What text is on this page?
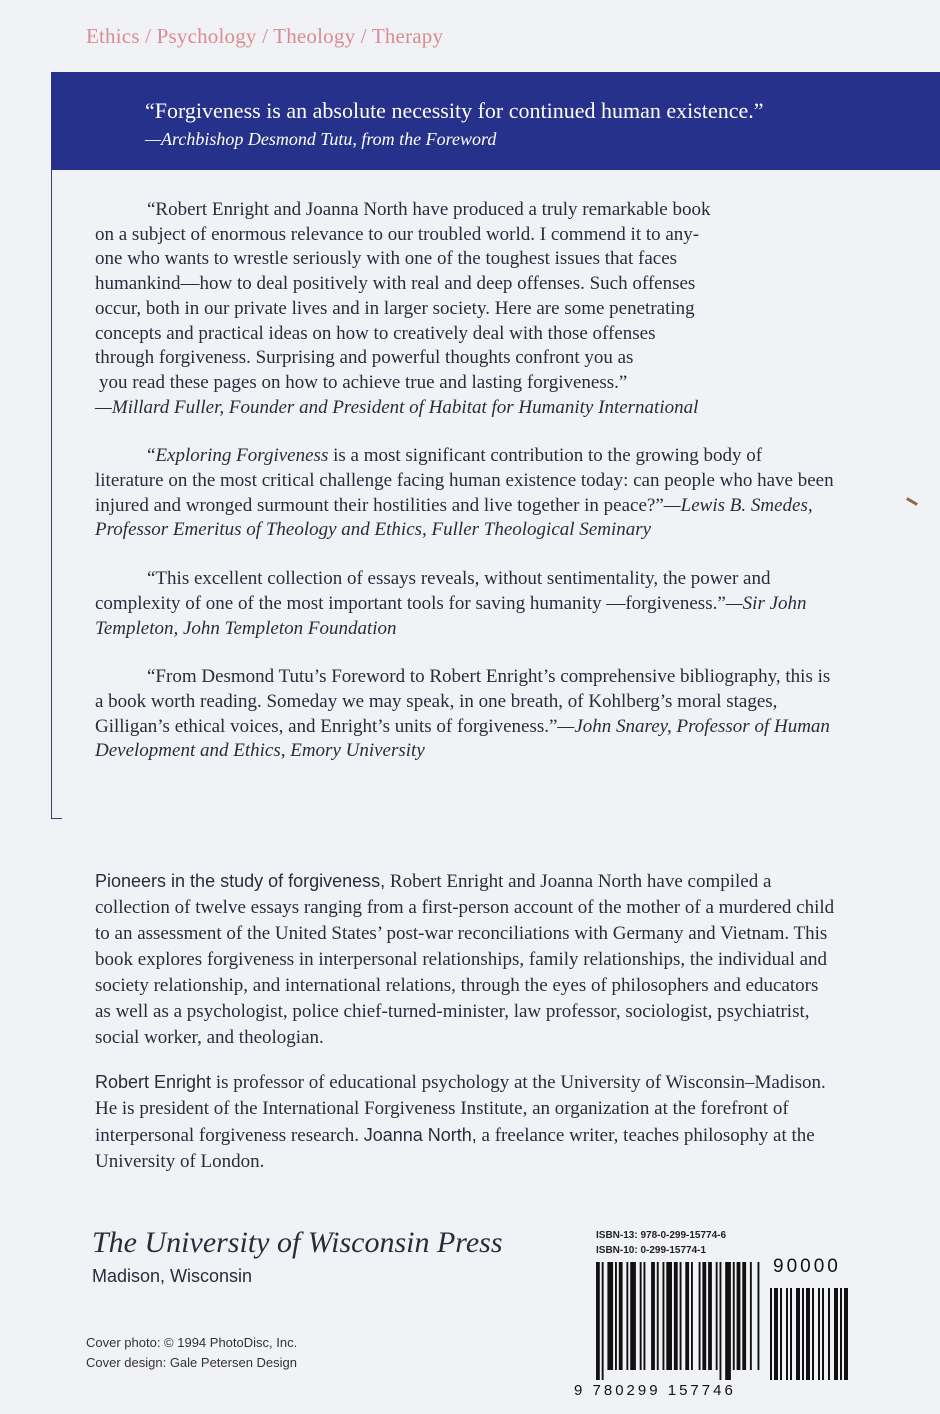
Ethics / Psychology / Theology / Therapy
“Forgiveness is an absolute necessity for continued human existence.”
—Archbishop Desmond Tutu, from the Foreword

“Robert Enright and Joanna North have produced a truly remarkable book
on a subject of enormous relevance to our troubled world. I commend it to any-
one who wants to wrestle seriously with one of the toughest issues that faces
humankind—how to deal positively with real and deep offenses. Such offenses
occur, both in our private lives and in larger society. Here are some penetrating
concepts and practical ideas on how to creatively deal with those offenses
through forgiveness. Surprising and powerful thoughts confront you as
you read these pages on how to achieve true and lasting forgiveness.”
—Millard Fuller, Founder and President of Habitat for Humanity International

“Exploring Forgiveness is a most significant contribution to the growing body of literature on the most critical challenge facing human existence today: can people who have been injured and wronged surmount their hostilities and live together in peace?”—Lewis B. Smedes, Professor Emeritus of Theology and Ethics, Fuller Theological Seminary

“This excellent collection of essays reveals, without sentimentality, the power and complexity of one of the most important tools for saving humanity —forgiveness.”—Sir John Templeton, John Templeton Foundation

“From Desmond Tutu’s Foreword to Robert Enright’s comprehensive bibliography, this is a book worth reading. Someday we may speak, in one breath, of Kohlberg’s moral stages, Gilligan’s ethical voices, and Enright’s units of forgiveness.”—John Snarey, Professor of Human Development and Ethics, Emory University

Pioneers in the study of forgiveness, Robert Enright and Joanna North have compiled a collection of twelve essays ranging from a first-person account of the mother of a murdered child to an assessment of the United States’ post-war reconciliations with Germany and Vietnam. This book explores forgiveness in interpersonal relationships, family relationships, the individual and society relationship, and international relations, through the eyes of philosophers and educators as well as a psychologist, police chief-turned-minister, law professor, sociologist, psychiatrist, social worker, and theologian.

Robert Enright is professor of educational psychology at the University of Wisconsin–Madison. He is president of the International Forgiveness Institute, an organization at the forefront of interpersonal forgiveness research. Joanna North, a freelance writer, teaches philosophy at the University of London.

The University of Wisconsin Press
Madison, Wisconsin
Cover photo: © 1994 PhotoDisc, Inc.
Cover design: Gale Petersen Design
ISBN-13: 978-0-299-15774-6
ISBN-10: 0-299-15774-1
90000
9 780299 157746
